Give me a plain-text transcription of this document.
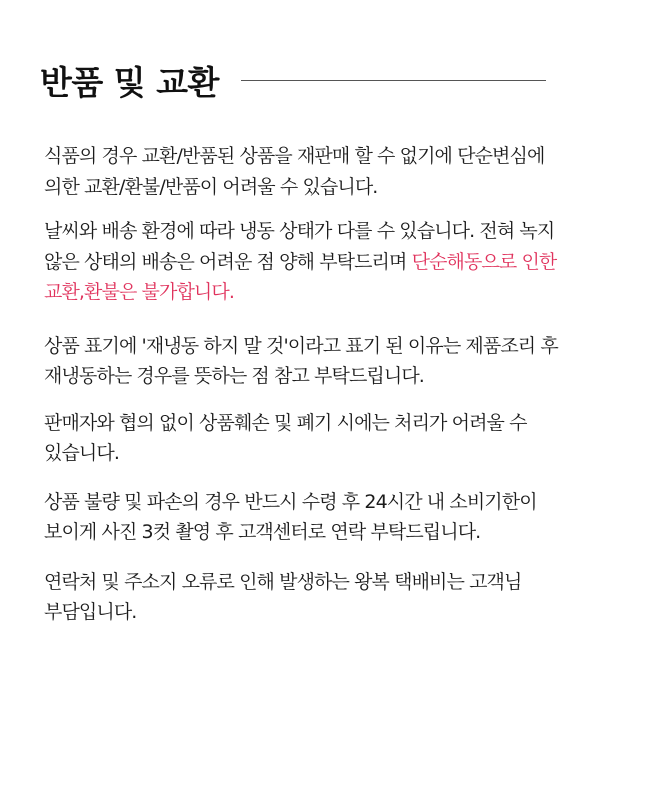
반품 및 교환

식품의 경우 교환/반품된 상품을 재판매 할 수 없기에 단순변심에 의한 교환/환불/반품이 어려울 수 있습니다.

날씨와 배송 환경에 따라 냉동 상태가 다를 수 있습니다. 전혀 녹지 않은 상태의 배송은 어려운 점 양해 부탁드리며 단순해동으로 인한 교환,환불은 불가합니다.

상품 표기에 '재냉동 하지 말 것'이라고 표기 된 이유는 제품조리 후 재냉동하는 경우를 뜻하는 점 참고 부탁드립니다.

판매자와 협의 없이 상품훼손 및 폐기 시에는 처리가 어려울 수 있습니다.

상품 불량 및 파손의 경우 반드시 수령 후 24시간 내 소비기한이 보이게 사진 3컷 촬영 후 고객센터로 연락 부탁드립니다.

연락처 및 주소지 오류로 인해 발생하는 왕복 택배비는 고객님 부담입니다.
